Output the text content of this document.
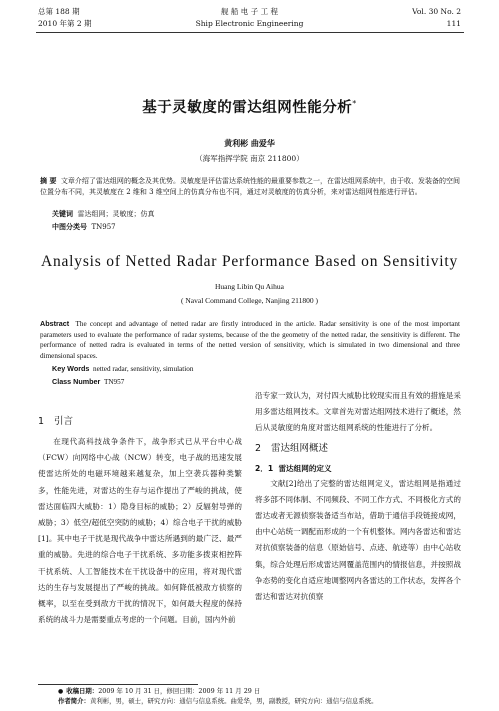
总第 188 期
2010 年第 2 期
舰 船 电 子 工 程
Ship Electronic Engineering
Vol. 30 No. 2
111
基于灵敏度的雷达组网性能分析*
黄利彬 曲爱华
（海军指挥学院 南京 211800）
摘 要 文章介绍了雷达组网的概念及其优势。灵敏度是评估雷达系统性能的最重要参数之一，在雷达组网系统中，由于收、发装备的空间位置分布不同，其灵敏度在 2 维和 3 维空间上的仿真分布也不同，通过对灵敏度的仿真分析，来对雷达组网性能进行评估。
关键词 雷达组网；灵敏度；仿真
中图分类号 TN957
Analysis of Netted Radar Performance Based on Sensitivity
Huang Libin Qu Aihua
( Naval Command College, Nanjing 211800 )
Abstract The concept and advantage of netted radar are firstly introduced in the article. Radar sensitivity is one of the most important parameters used to evaluate the performance of radar systems, because of the the geometry of the netted radar, the sensitivity is different. The performance of netted radra is evaluated in terms of the netted version of sensitivity, which is simulated in two dimensional and three dimensional spaces.
Key Words netted radar, sensitivity, simulation
Class Number TN957
1 引言

在现代高科技战争条件下，战争形式已从平台中心战（FCW）向网络中心战（NCW）转变，电子战的迅速发展使雷达所处的电磁环境越来越复杂，加上空袭兵器种类繁多，性能先进，对雷达的生存与运作提出了严峻的挑战，使雷达面临四大威胁：1）隐身目标的威胁；2）反辐射导弹的威胁；3）低空/超低空突防的威胁；4）综合电子干扰的威胁[1]。其中电子干扰是现代战争中雷达所遇到的最广泛、最严重的威胁。先进的综合电子干扰系统、多功能多拨束相控阵干扰系统、人工智能技术在干扰设备中的应用，将对现代雷达的生存与发展提出了严峻的挑战。如何降低被敌方侦察的概率，以至在受到敌方干扰的情况下，如何最大程度的保持系统的战斗力是需要重点考虑的一个问题。目前，国内外前

沿专家一致认为，对付四大威胁比较现实而且有效的措施是采用多雷达组网技术。文章首先对雷达组网技术进行了概述，然后从灵敏度的角度对雷达组网系统的性能进行了分析。

2 雷达组网概述
2．1 雷达组网的定义

文献[2]给出了完整的雷达组网定义，雷达组网是指通过将多部不同体制、不同频段、不同工作方式、不同极化方式的雷达或者无源侦察装备适当布站，借助于通信手段链接成网，由中心站统一调配而形成的一个有机整体。网内各雷达和雷达对抗侦察装备的信息（原始信号、点迹、航迹等）由中心站收集，综合处理后形成雷达网覆盖范围内的情报信息，并按照战争态势的变化自适应地调整网内各雷达的工作状态，发挥各个雷达和雷达对抗侦察

● 收稿日期：2009 年 10 月 31 日，修回日期：2009 年 11 月 29 日
作者简介：黄利彬，男，硕士，研究方向：通信与信息系统。曲爱华，男，副教授，研究方向：通信与信息系统。
